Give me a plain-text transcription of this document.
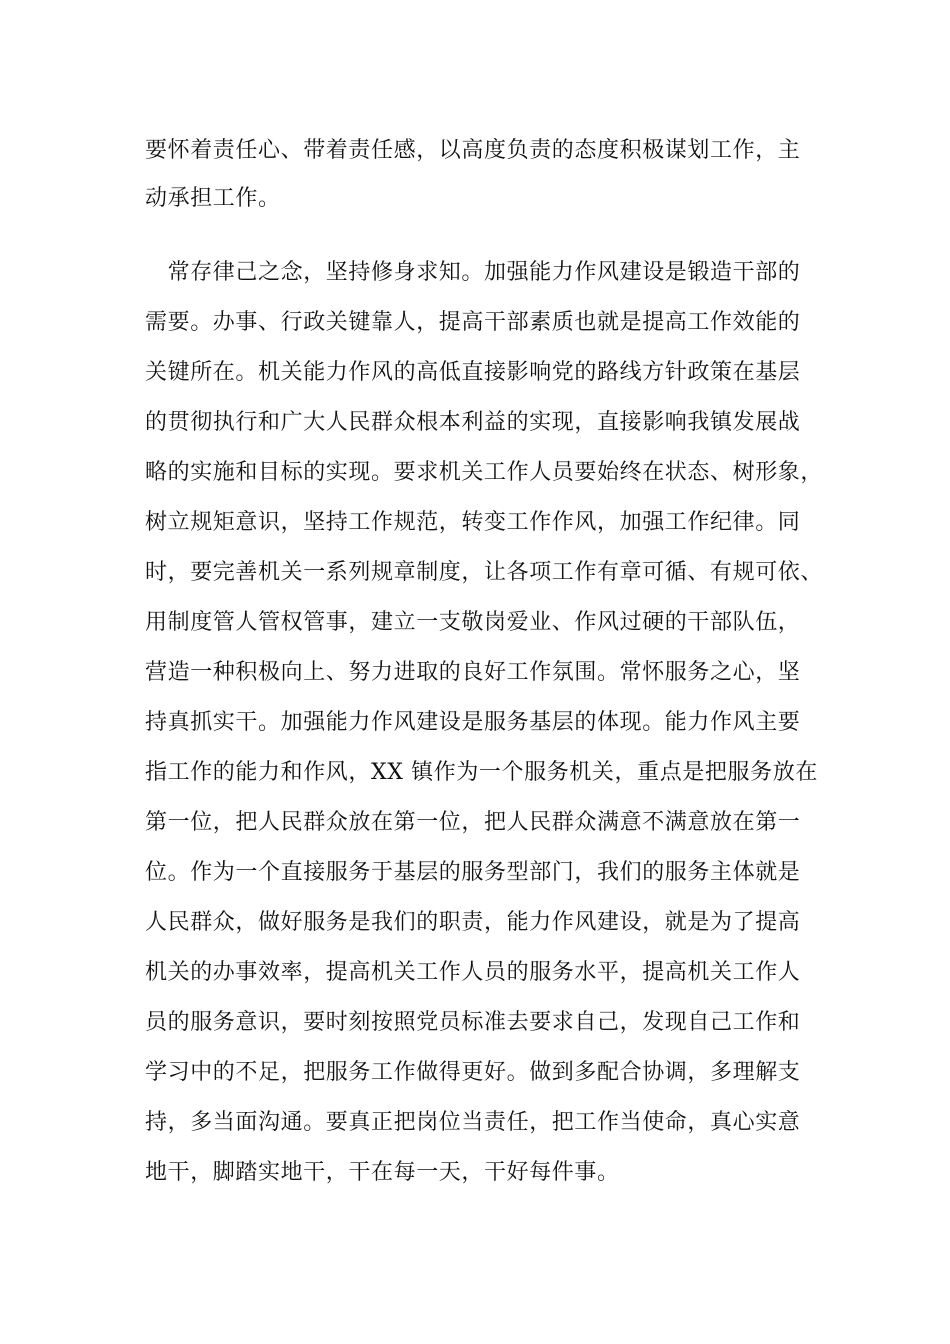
要怀着责任心、带着责任感，以高度负责的态度积极谋划工作，主
动承担工作。
　常存律己之念，坚持修身求知。加强能力作风建设是锻造干部的
需要。办事、行政关键靠人，提高干部素质也就是提高工作效能的
关键所在。机关能力作风的高低直接影响党的路线方针政策在基层
的贯彻执行和广大人民群众根本利益的实现，直接影响我镇发展战
略的实施和目标的实现。要求机关工作人员要始终在状态、树形象，
树立规矩意识，坚持工作规范，转变工作作风，加强工作纪律。同
时，要完善机关一系列规章制度，让各项工作有章可循、有规可依、
用制度管人管权管事，建立一支敬岗爱业、作风过硬的干部队伍，
营造一种积极向上、努力进取的良好工作氛围。常怀服务之心，坚
持真抓实干。加强能力作风建设是服务基层的体现。能力作风主要
指工作的能力和作风，XX 镇作为一个服务机关，重点是把服务放在
第一位，把人民群众放在第一位，把人民群众满意不满意放在第一
位。作为一个直接服务于基层的服务型部门，我们的服务主体就是
人民群众，做好服务是我们的职责，能力作风建设，就是为了提高
机关的办事效率，提高机关工作人员的服务水平，提高机关工作人
员的服务意识，要时刻按照党员标准去要求自己，发现自己工作和
学习中的不足，把服务工作做得更好。做到多配合协调，多理解支
持，多当面沟通。要真正把岗位当责任，把工作当使命，真心实意
地干，脚踏实地干，干在每一天，干好每件事。
